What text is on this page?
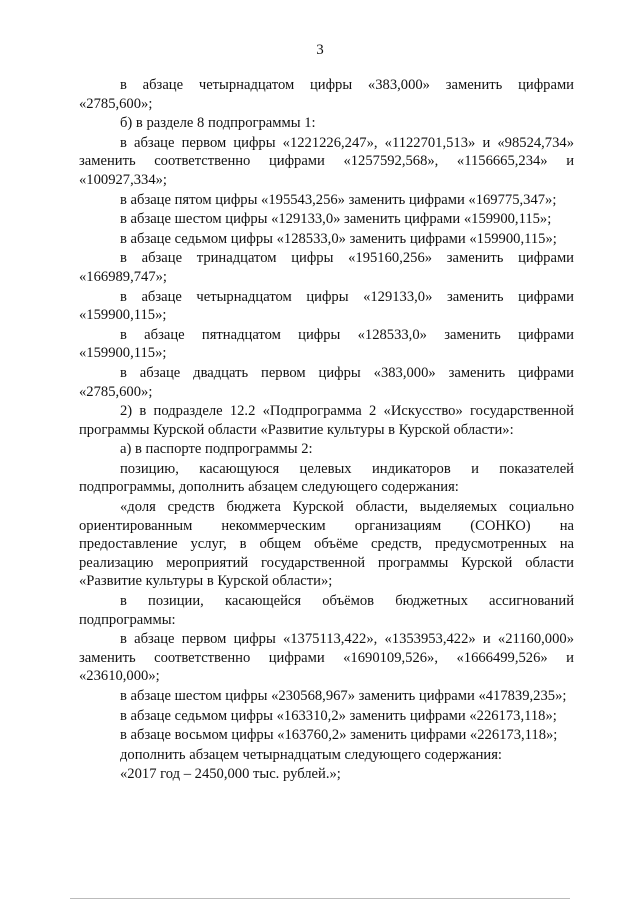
3

в абзаце четырнадцатом цифры «383,000» заменить цифрами «2785,600»;

б) в разделе 8 подпрограммы 1:

в абзаце первом цифры «1221226,247», «1122701,513» и «98524,734» заменить соответственно цифрами «1257592,568», «1156665,234» и «100927,334»;

в абзаце пятом цифры «195543,256» заменить цифрами «169775,347»;

в абзаце шестом цифры «129133,0» заменить цифрами «159900,115»;

в абзаце седьмом цифры «128533,0» заменить цифрами «159900,115»;

в абзаце тринадцатом цифры «195160,256» заменить цифрами «166989,747»;

в абзаце четырнадцатом цифры «129133,0» заменить цифрами «159900,115»;

в абзаце пятнадцатом цифры «128533,0» заменить цифрами «159900,115»;

в абзаце двадцать первом цифры «383,000» заменить цифрами «2785,600»;

2) в подразделе 12.2 «Подпрограмма 2 «Искусство» государственной программы Курской области «Развитие культуры в Курской области»:

а) в паспорте подпрограммы 2:

позицию, касающуюся целевых индикаторов и показателей подпрограммы, дополнить абзацем следующего содержания:

«доля средств бюджета Курской области, выделяемых социально ориентированным некоммерческим организациям (СОНКО) на предоставление услуг, в общем объёме средств, предусмотренных на реализацию мероприятий государственной программы Курской области «Развитие культуры в Курской области»;

в позиции, касающейся объёмов бюджетных ассигнований подпрограммы:

в абзаце первом цифры «1375113,422», «1353953,422» и «21160,000» заменить соответственно цифрами «1690109,526», «1666499,526» и «23610,000»;

в абзаце шестом цифры «230568,967» заменить цифрами «417839,235»;

в абзаце седьмом цифры «163310,2» заменить цифрами «226173,118»;

в абзаце восьмом цифры «163760,2» заменить цифрами «226173,118»;

дополнить абзацем четырнадцатым следующего содержания:

«2017 год – 2450,000 тыс. рублей.»;
